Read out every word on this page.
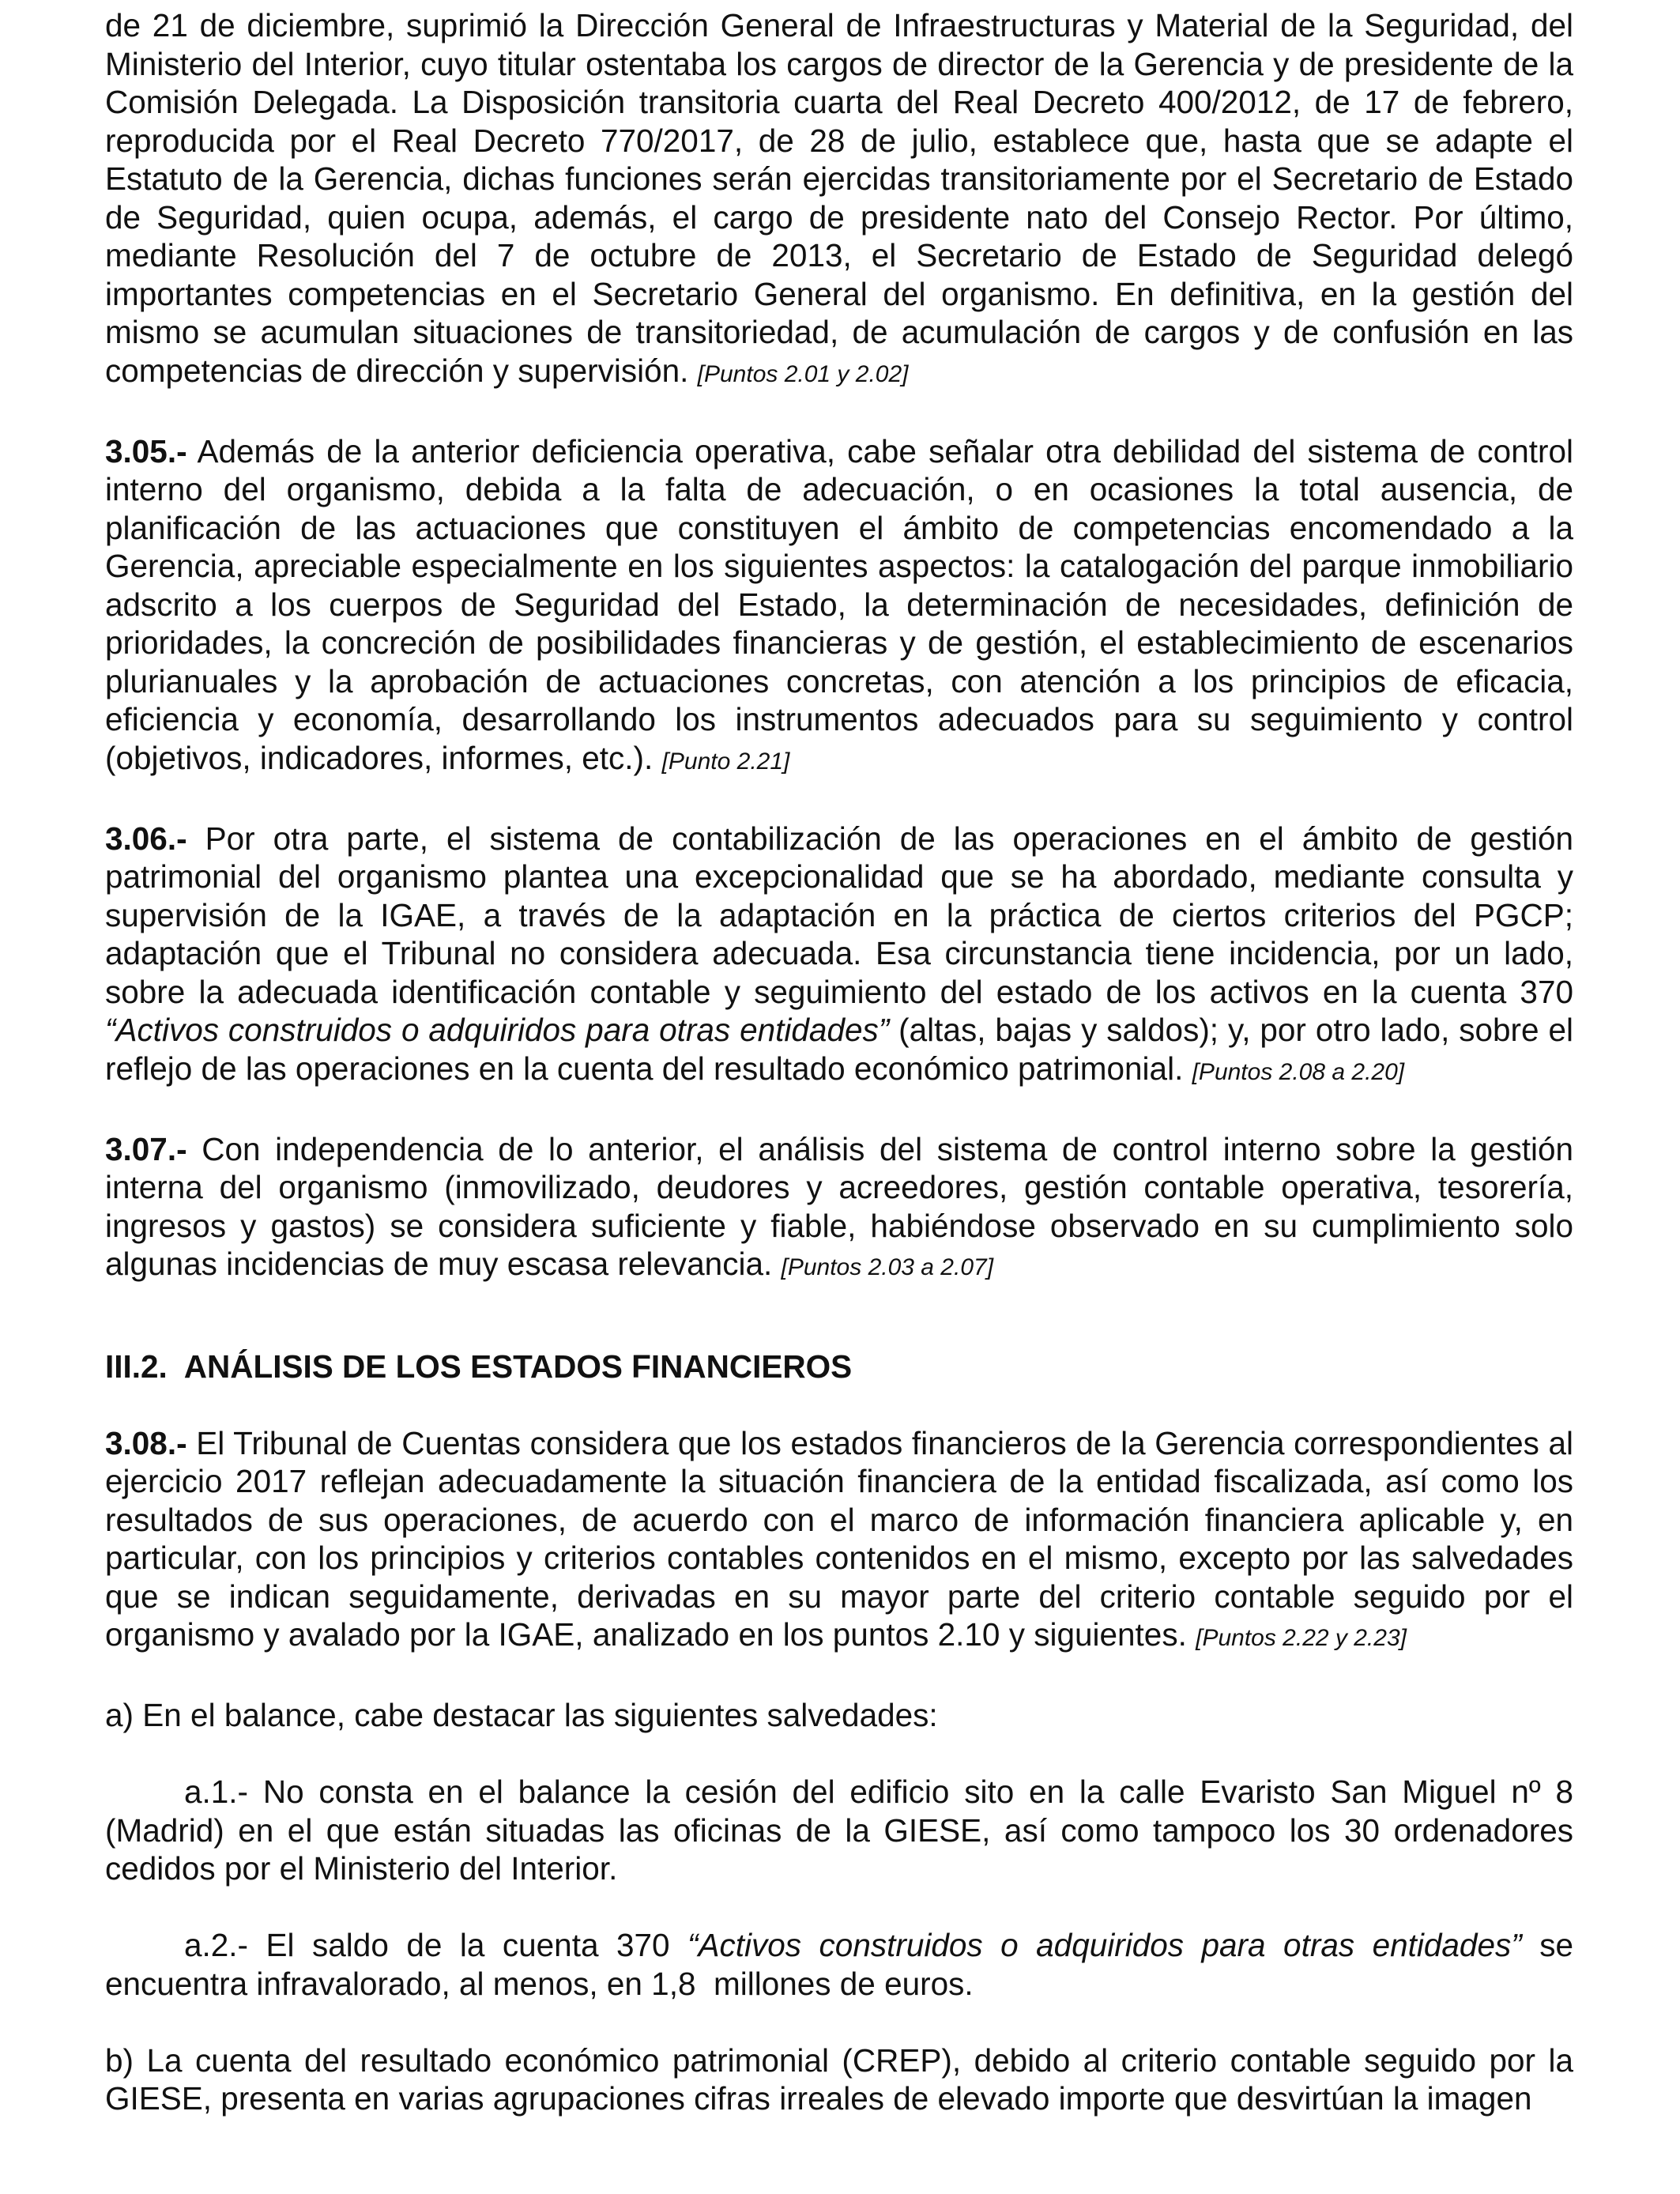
de 21 de diciembre, suprimió la Dirección General de Infraestructuras y Material de la Seguridad, del Ministerio del Interior, cuyo titular ostentaba los cargos de director de la Gerencia y de presidente de la Comisión Delegada. La Disposición transitoria cuarta del Real Decreto 400/2012, de 17 de febrero, reproducida por el Real Decreto 770/2017, de 28 de julio, establece que, hasta que se adapte el Estatuto de la Gerencia, dichas funciones serán ejercidas transitoriamente por el Secretario de Estado de Seguridad, quien ocupa, además, el cargo de presidente nato del Consejo Rector. Por último, mediante Resolución del 7 de octubre de 2013, el Secretario de Estado de Seguridad delegó importantes competencias en el Secretario General del organismo. En definitiva, en la gestión del mismo se acumulan situaciones de transitoriedad, de acumulación de cargos y de confusión en las competencias de dirección y supervisión. [Puntos 2.01 y 2.02]

3.05.- Además de la anterior deficiencia operativa, cabe señalar otra debilidad del sistema de control interno del organismo, debida a la falta de adecuación, o en ocasiones la total ausencia, de planificación de las actuaciones que constituyen el ámbito de competencias encomendado a la Gerencia, apreciable especialmente en los siguientes aspectos: la catalogación del parque inmobiliario adscrito a los cuerpos de Seguridad del Estado, la determinación de necesidades, definición de prioridades, la concreción de posibilidades financieras y de gestión, el establecimiento de escenarios plurianuales y la aprobación de actuaciones concretas, con atención a los principios de eficacia, eficiencia y economía, desarrollando los instrumentos adecuados para su seguimiento y control (objetivos, indicadores, informes, etc.). [Punto 2.21]

3.06.- Por otra parte, el sistema de contabilización de las operaciones en el ámbito de gestión patrimonial del organismo plantea una excepcionalidad que se ha abordado, mediante consulta y supervisión de la IGAE, a través de la adaptación en la práctica de ciertos criterios del PGCP; adaptación que el Tribunal no considera adecuada. Esa circunstancia tiene incidencia, por un lado, sobre la adecuada identificación contable y seguimiento del estado de los activos en la cuenta 370 “Activos construidos o adquiridos para otras entidades” (altas, bajas y saldos); y, por otro lado, sobre el reflejo de las operaciones en la cuenta del resultado económico patrimonial. [Puntos 2.08 a 2.20]

3.07.- Con independencia de lo anterior, el análisis del sistema de control interno sobre la gestión interna del organismo (inmovilizado, deudores y acreedores, gestión contable operativa, tesorería, ingresos y gastos) se considera suficiente y fiable, habiéndose observado en su cumplimiento solo algunas incidencias de muy escasa relevancia. [Puntos 2.03 a 2.07]

III.2.  ANÁLISIS DE LOS ESTADOS FINANCIEROS

3.08.- El Tribunal de Cuentas considera que los estados financieros de la Gerencia correspondientes al ejercicio 2017 reflejan adecuadamente la situación financiera de la entidad fiscalizada, así como los resultados de sus operaciones, de acuerdo con el marco de información financiera aplicable y, en particular, con los principios y criterios contables contenidos en el mismo, excepto por las salvedades que se indican seguidamente, derivadas en su mayor parte del criterio contable seguido por el organismo y avalado por la IGAE, analizado en los puntos 2.10 y siguientes. [Puntos 2.22 y 2.23]

a) En el balance, cabe destacar las siguientes salvedades:

a.1.- No consta en el balance la cesión del edificio sito en la calle Evaristo San Miguel nº 8 (Madrid) en el que están situadas las oficinas de la GIESE, así como tampoco los 30 ordenadores cedidos por el Ministerio del Interior.

a.2.- El saldo de la cuenta 370 “Activos construidos o adquiridos para otras entidades” se encuentra infravalorado, al menos, en 1,8  millones de euros.

b) La cuenta del resultado económico patrimonial (CREP), debido al criterio contable seguido por la GIESE, presenta en varias agrupaciones cifras irreales de elevado importe que desvirtúan la imagen
